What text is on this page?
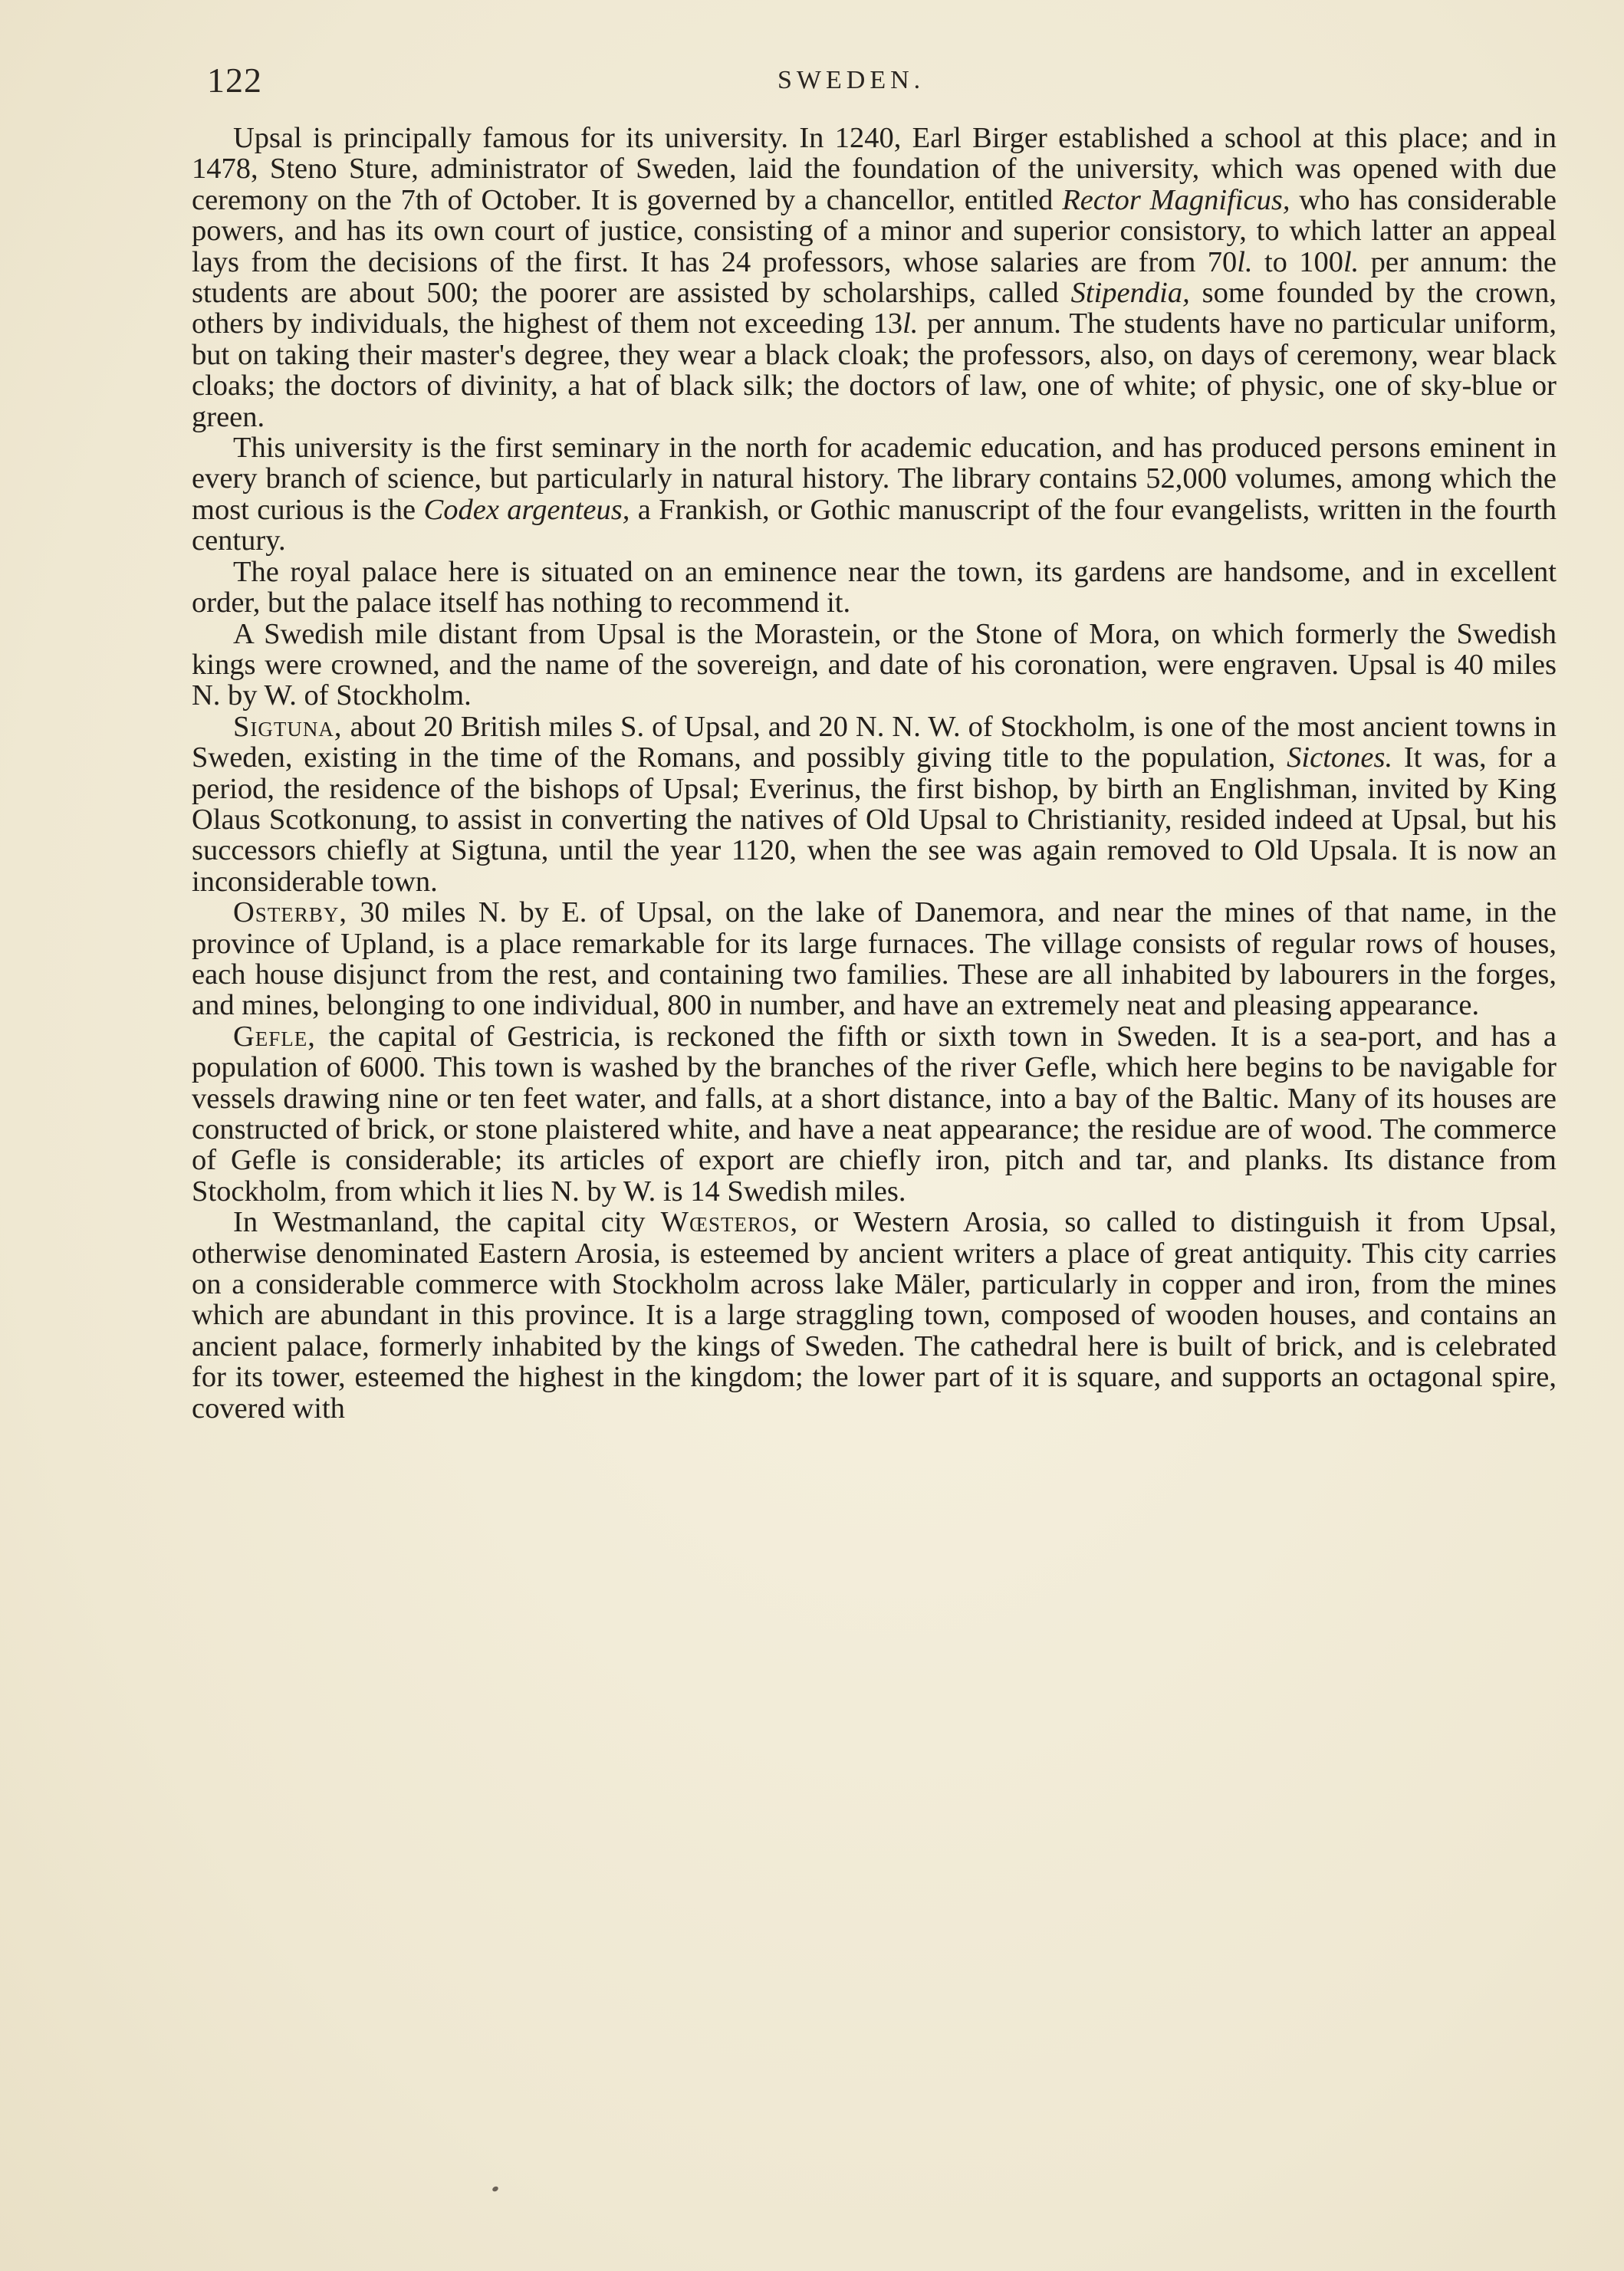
122	SWEDEN.

Upsal is principally famous for its university. In 1240, Earl Birger established a school at this place; and in 1478, Steno Sture, administrator of Sweden, laid the foundation of the university, which was opened with due ceremony on the 7th of October. It is governed by a chancellor, entitled Rector Magnificus, who has considerable powers, and has its own court of justice, consisting of a minor and superior consistory, to which latter an appeal lays from the decisions of the first. It has 24 professors, whose salaries are from 70l. to 100l. per annum: the students are about 500; the poorer are assisted by scholarships, called Stipendia, some founded by the crown, others by individuals, the highest of them not exceeding 13l. per annum. The students have no particular uniform, but on taking their master's degree, they wear a black cloak; the professors, also, on days of ceremony, wear black cloaks; the doctors of divinity, a hat of black silk; the doctors of law, one of white; of physic, one of sky-blue or green.

This university is the first seminary in the north for academic education, and has produced persons eminent in every branch of science, but particularly in natural history. The library contains 52,000 volumes, among which the most curious is the Codex argenteus, a Frankish, or Gothic manuscript of the four evangelists, written in the fourth century.

The royal palace here is situated on an eminence near the town, its gardens are handsome, and in excellent order, but the palace itself has nothing to recommend it.

A Swedish mile distant from Upsal is the Morastein, or the Stone of Mora, on which formerly the Swedish kings were crowned, and the name of the sovereign, and date of his coronation, were engraven. Upsal is 40 miles N. by W. of Stockholm.

Sigtuna, about 20 British miles S. of Upsal, and 20 N. N. W. of Stockholm, is one of the most ancient towns in Sweden, existing in the time of the Romans, and possibly giving title to the population, Sictones. It was, for a period, the residence of the bishops of Upsal; Everinus, the first bishop, by birth an Englishman, invited by King Olaus Scotkonung, to assist in converting the natives of Old Upsal to Christianity, resided indeed at Upsal, but his successors chiefly at Sigtuna, until the year 1120, when the see was again removed to Old Upsala. It is now an inconsiderable town.

Osterby, 30 miles N. by E. of Upsal, on the lake of Danemora, and near the mines of that name, in the province of Upland, is a place remarkable for its large furnaces. The village consists of regular rows of houses, each house disjunct from the rest, and containing two families. These are all inhabited by labourers in the forges, and mines, belonging to one individual, 800 in number, and have an extremely neat and pleasing appearance.

Gefle, the capital of Gestricia, is reckoned the fifth or sixth town in Sweden. It is a sea-port, and has a population of 6000. This town is washed by the branches of the river Gefle, which here begins to be navigable for vessels drawing nine or ten feet water, and falls, at a short distance, into a bay of the Baltic. Many of its houses are constructed of brick, or stone plaistered white, and have a neat appearance; the residue are of wood. The commerce of Gefle is considerable; its articles of export are chiefly iron, pitch and tar, and planks. Its distance from Stockholm, from which it lies N. by W. is 14 Swedish miles.

In Westmanland, the capital city Wœsteros, or Western Arosia, so called to distinguish it from Upsal, otherwise denominated Eastern Arosia, is esteemed by ancient writers a place of great antiquity. This city carries on a considerable commerce with Stockholm across lake Mäler, particularly in copper and iron, from the mines which are abundant in this province. It is a large straggling town, composed of wooden houses, and contains an ancient palace, formerly inhabited by the kings of Sweden. The cathedral here is built of brick, and is celebrated for its tower, esteemed the highest in the kingdom; the lower part of it is square, and supports an octagonal spire, covered with
